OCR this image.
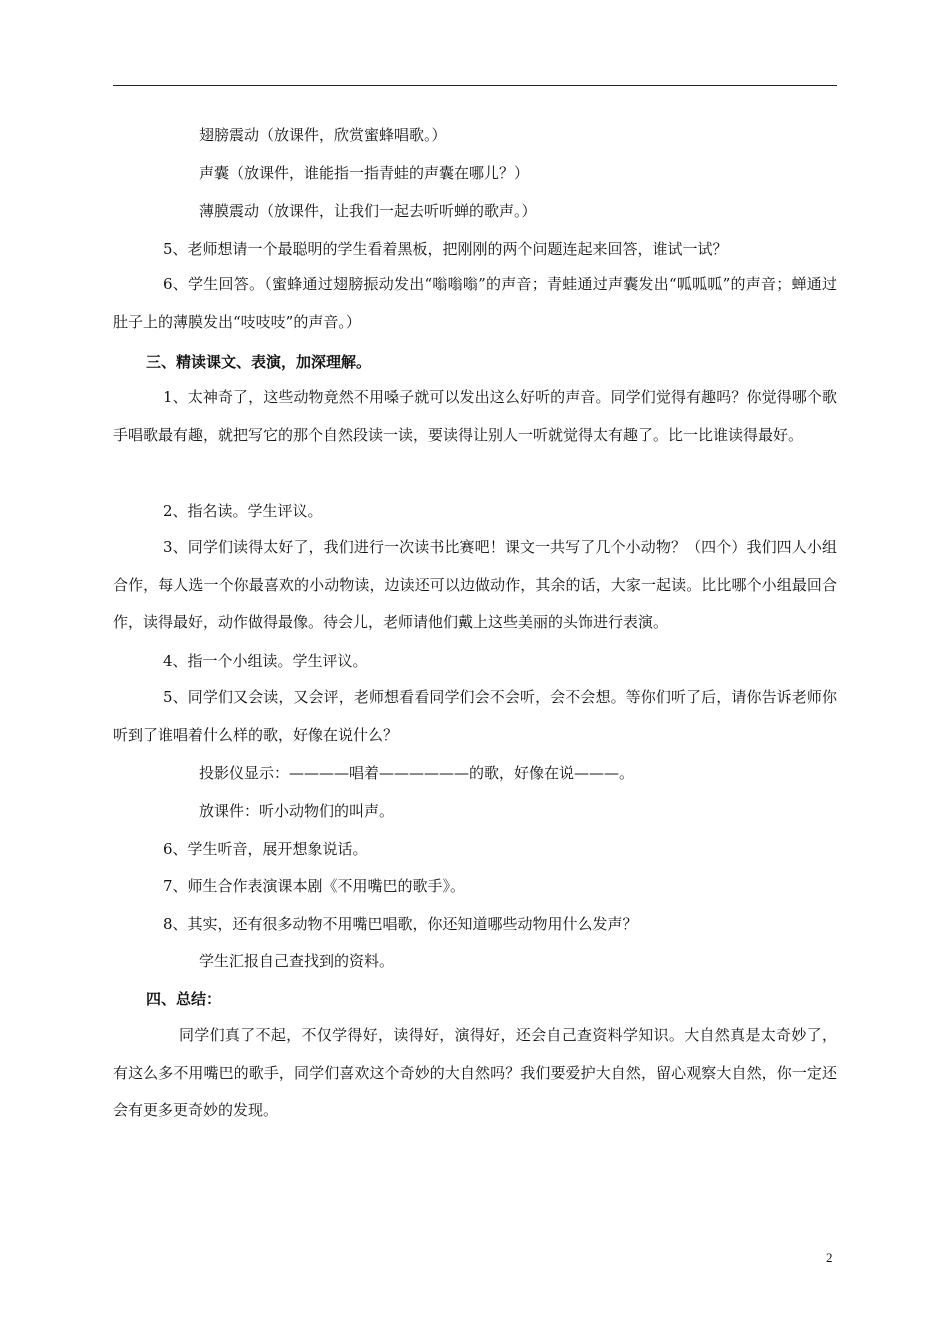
翅膀震动（放课件，欣赏蜜蜂唱歌。）
声囊（放课件，谁能指一指青蛙的声囊在哪儿？）
薄膜震动（放课件，让我们一起去听听蝉的歌声。）
5、老师想请一个最聪明的学生看着黑板，把刚刚的两个问题连起来回答，谁试一试？
6、学生回答。（蜜蜂通过翅膀振动发出“嗡嗡嗡”的声音；青蛙通过声囊发出“呱呱呱”的声音；蝉通过肚子上的薄膜发出“吱吱吱”的声音。）
三、精读课文、表演，加深理解。
1、太神奇了，这些动物竟然不用嗓子就可以发出这么好听的声音。同学们觉得有趣吗？你觉得哪个歌手唱歌最有趣，就把写它的那个自然段读一读，要读得让别人一听就觉得太有趣了。比一比谁读得最好。
2、指名读。学生评议。
3、同学们读得太好了，我们进行一次读书比赛吧！课文一共写了几个小动物？（四个）我们四人小组合作，每人选一个你最喜欢的小动物读，边读还可以边做动作，其余的话，大家一起读。比比哪个小组最回合作，读得最好，动作做得最像。待会儿，老师请他们戴上这些美丽的头饰进行表演。
4、指一个小组读。学生评议。
5、同学们又会读，又会评，老师想看看同学们会不会听，会不会想。等你们听了后，请你告诉老师你听到了谁唱着什么样的歌，好像在说什么？
投影仪显示：————唱着——————的歌，好像在说———。
放课件：听小动物们的叫声。
6、学生听音，展开想象说话。
7、师生合作表演课本剧《不用嘴巴的歌手》。
8、其实，还有很多动物不用嘴巴唱歌，你还知道哪些动物用什么发声？
学生汇报自己查找到的资料。
四、总结：
同学们真了不起，不仅学得好，读得好，演得好，还会自己查资料学知识。大自然真是太奇妙了，有这么多不用嘴巴的歌手，同学们喜欢这个奇妙的大自然吗？我们要爱护大自然，留心观察大自然，你一定还会有更多更奇妙的发现。
2
